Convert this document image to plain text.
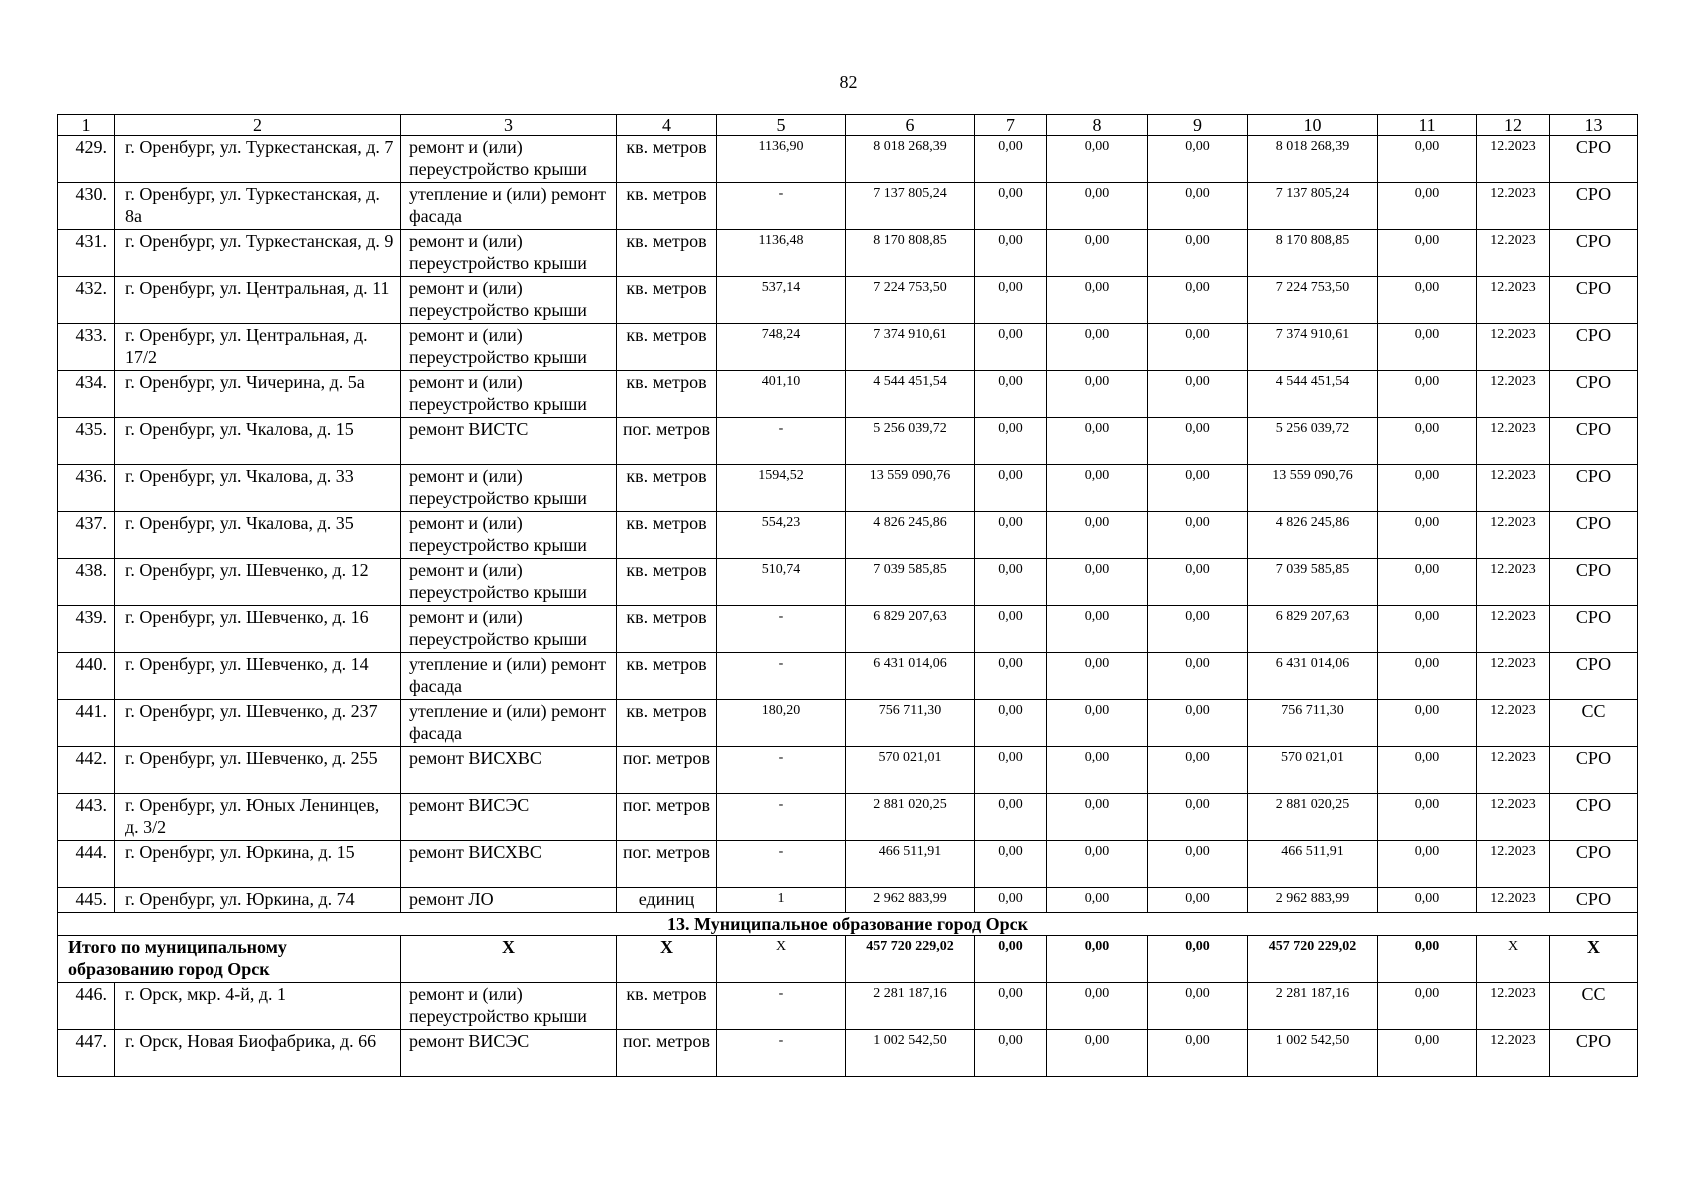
82
1	2	3	4	5	6	7	8	9	10	11	12	13
429.	г. Оренбург, ул. Туркестанская, д. 7	ремонт и (или) переустройство крыши	кв. метров	1136,90	8 018 268,39	0,00	0,00	0,00	8 018 268,39	0,00	12.2023	СРО
430.	г. Оренбург, ул. Туркестанская, д. 8а	утепление и (или) ремонт фасада	кв. метров	-	7 137 805,24	0,00	0,00	0,00	7 137 805,24	0,00	12.2023	СРО
431.	г. Оренбург, ул. Туркестанская, д. 9	ремонт и (или) переустройство крыши	кв. метров	1136,48	8 170 808,85	0,00	0,00	0,00	8 170 808,85	0,00	12.2023	СРО
432.	г. Оренбург, ул. Центральная, д. 11	ремонт и (или) переустройство крыши	кв. метров	537,14	7 224 753,50	0,00	0,00	0,00	7 224 753,50	0,00	12.2023	СРО
433.	г. Оренбург, ул. Центральная, д. 17/2	ремонт и (или) переустройство крыши	кв. метров	748,24	7 374 910,61	0,00	0,00	0,00	7 374 910,61	0,00	12.2023	СРО
434.	г. Оренбург, ул. Чичерина, д. 5а	ремонт и (или) переустройство крыши	кв. метров	401,10	4 544 451,54	0,00	0,00	0,00	4 544 451,54	0,00	12.2023	СРО
435.	г. Оренбург, ул. Чкалова, д. 15	ремонт ВИСТС	пог. метров	-	5 256 039,72	0,00	0,00	0,00	5 256 039,72	0,00	12.2023	СРО
436.	г. Оренбург, ул. Чкалова, д. 33	ремонт и (или) переустройство крыши	кв. метров	1594,52	13 559 090,76	0,00	0,00	0,00	13 559 090,76	0,00	12.2023	СРО
437.	г. Оренбург, ул. Чкалова, д. 35	ремонт и (или) переустройство крыши	кв. метров	554,23	4 826 245,86	0,00	0,00	0,00	4 826 245,86	0,00	12.2023	СРО
438.	г. Оренбург, ул. Шевченко, д. 12	ремонт и (или) переустройство крыши	кв. метров	510,74	7 039 585,85	0,00	0,00	0,00	7 039 585,85	0,00	12.2023	СРО
439.	г. Оренбург, ул. Шевченко, д. 16	ремонт и (или) переустройство крыши	кв. метров	-	6 829 207,63	0,00	0,00	0,00	6 829 207,63	0,00	12.2023	СРО
440.	г. Оренбург, ул. Шевченко, д. 14	утепление и (или) ремонт фасада	кв. метров	-	6 431 014,06	0,00	0,00	0,00	6 431 014,06	0,00	12.2023	СРО
441.	г. Оренбург, ул. Шевченко, д. 237	утепление и (или) ремонт фасада	кв. метров	180,20	756 711,30	0,00	0,00	0,00	756 711,30	0,00	12.2023	СС
442.	г. Оренбург, ул. Шевченко, д. 255	ремонт ВИСХВС	пог. метров	-	570 021,01	0,00	0,00	0,00	570 021,01	0,00	12.2023	СРО
443.	г. Оренбург, ул. Юных Ленинцев, д. 3/2	ремонт ВИСЭС	пог. метров	-	2 881 020,25	0,00	0,00	0,00	2 881 020,25	0,00	12.2023	СРО
444.	г. Оренбург, ул. Юркина, д. 15	ремонт ВИСХВС	пог. метров	-	466 511,91	0,00	0,00	0,00	466 511,91	0,00	12.2023	СРО
445.	г. Оренбург, ул. Юркина, д. 74	ремонт ЛО	единиц	1	2 962 883,99	0,00	0,00	0,00	2 962 883,99	0,00	12.2023	СРО
13. Муниципальное образование город Орск												
Итого по муниципальному образованию город Орск		X	X	X	457 720 229,02	0,00	0,00	0,00	457 720 229,02	0,00	X	X
446.	г. Орск, мкр. 4-й, д. 1	ремонт и (или) переустройство крыши	кв. метров	-	2 281 187,16	0,00	0,00	0,00	2 281 187,16	0,00	12.2023	СС
447.	г. Орск, Новая Биофабрика, д. 66	ремонт ВИСЭС	пог. метров	-	1 002 542,50	0,00	0,00	0,00	1 002 542,50	0,00	12.2023	СРО
